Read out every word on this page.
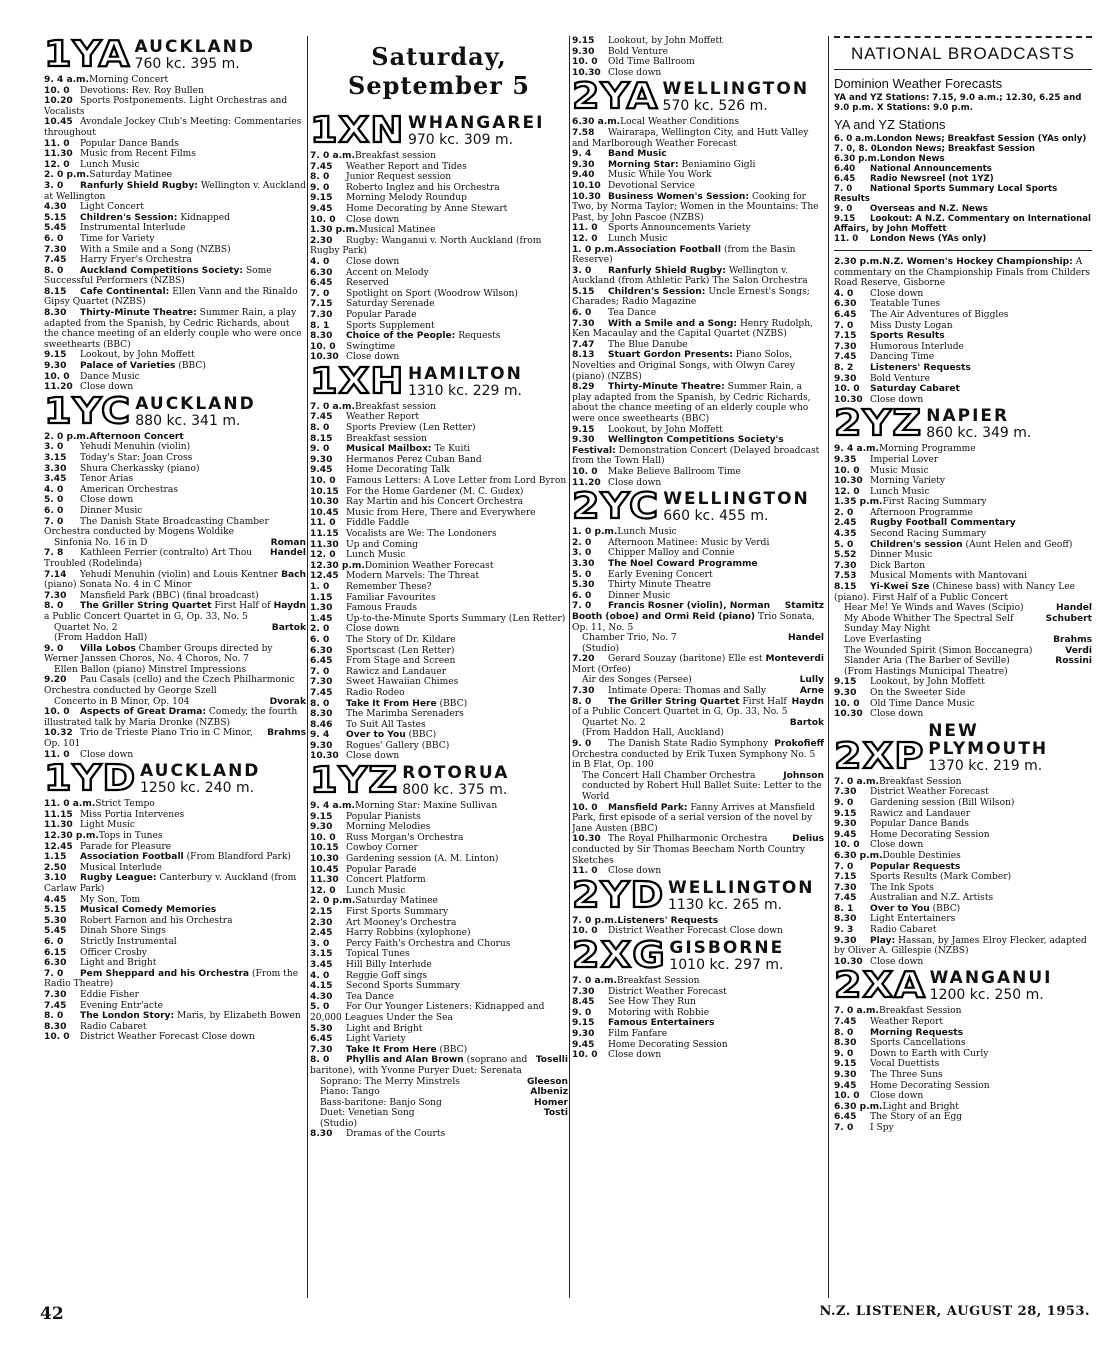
1YA AUCKLAND
760 kc. 395 m.
9. 4 a.m.Morning Concert
10. 0 Devotions: Rev. Roy Bullen
10.20 Sports Postponements. Light Orchestras and Vocalists
10.45 Avondale Jockey Club's Meeting: Commentaries throughout
11. 0 Popular Dance Bands
11.30 Music from Recent Films
12. 0 Lunch Music
2. 0 p.m.Saturday Matinee
3. 0 Ranfurly Shield Rugby: Wellington v. Auckland at Wellington
4.30 Light Concert
5.15 Children's Session: Kidnapped
5.45 Instrumental Interlude
6. 0 Time for Variety
7.30 With a Smile and a Song (NZBS)
7.45 Harry Fryer's Orchestra
8. 0 Auckland Competitions Society: Some Successful Performers (NZBS)
8.15 Cafe Continental: Ellen Vann and the Rinaldo Gipsy Quartet (NZBS)
8.30 Thirty-Minute Theatre: Summer Rain, a play adapted from the Spanish, by Cedric Richards, about the chance meeting of an elderly couple who were once sweethearts (BBC)
9.15 Lookout, by John Moffett
9.30 Palace of Varieties (BBC)
10. 0 Dance Music
11.20 Close down
1YC AUCKLAND
880 kc. 341 m.
2. 0 p.m.Afternoon Concert
3. 0 Yehudi Menuhin (violin)
3.15 Today's Star: Joan Cross
3.30 Shura Cherkassky (piano)
3.45 Tenor Arias
4. 0 American Orchestras
5. 0 Close down
6. 0 Dinner Music
7. 0 The Danish State Broadcasting Chamber Orchestra conducted by Mogens Woldike
Roman
Sinfonia No. 16 in D
Handel
7. 8 Kathleen Ferrier (contralto) Art Thou Troubled (Rodelinda)
Bach
7.14 Yehudi Menuhin (violin) and Louis Kentner (piano) Sonata No. 4 in C Minor
7.30 Mansfield Park (BBC) (final broadcast)
Haydn
8. 0 The Griller String Quartet First Half of a Public Concert Quartet in G, Op. 33, No. 5
Bartok
Quartet No. 2
(From Haddon Hall)
9. 0 Villa Lobos Chamber Groups directed by Werner Janssen Choros, No. 4 Choros, No. 7
Ellen Ballon (piano) Minstrel Impressions
9.20 Pau Casals (cello) and the Czech Philharmonic Orchestra conducted by George Szell
Dvorak
Concerto in B Minor, Op. 104
10. 0 Aspects of Great Drama: Comedy, the fourth illustrated talk by Maria Dronke (NZBS)
Brahms
10.32 Trio de Trieste Piano Trio in C Minor, Op. 101
11. 0 Close down
1YD AUCKLAND
1250 kc. 240 m.
11. 0 a.m.Strict Tempo
11.15 Miss Portia Intervenes
11.30 Light Music
12.30 p.m.Tops in Tunes
12.45 Parade for Pleasure
1.15 Association Football (From Blandford Park)
2.50 Musical Interlude
3.10 Rugby League: Canterbury v. Auckland (from Carlaw Park)
4.45 My Son, Tom
5.15 Musical Comedy Memories
5.30 Robert Farnon and his Orchestra
5.45 Dinah Shore Sings
6. 0 Strictly Instrumental
6.15 Officer Crosby
6.30 Light and Bright
7. 0 Pem Sheppard and his Orchestra (From the Radio Theatre)
7.30 Eddie Fisher
7.45 Evening Entr'acte
8. 0 The London Story: Maris, by Elizabeth Bowen
8.30 Radio Cabaret
10. 0 District Weather Forecast Close down
Saturday, September 5
1XN WHANGAREI
970 kc. 309 m.
7. 0 a.m.Breakfast session
7.45 Weather Report and Tides
8. 0 Junior Request session
9. 0 Roberto Inglez and his Orchestra
9.15 Morning Melody Roundup
9.45 Home Decorating by Anne Stewart
10. 0 Close down
1.30 p.m.Musical Matinee
2.30 Rugby: Wanganui v. North Auckland (from Rugby Park)
4. 0 Close down
6.30 Accent on Melody
6.45 Reserved
7. 0 Spotlight on Sport (Woodrow Wilson)
7.15 Saturday Serenade
7.30 Popular Parade
8. 1 Sports Supplement
8.30 Choice of the People: Requests
10. 0 Swingtime
10.30 Close down
1XH HAMILTON
1310 kc. 229 m.
7. 0 a.m.Breakfast session
7.45 Weather Report
8. 0 Sports Preview (Len Retter)
8.15 Breakfast session
9. 0 Musical Mailbox: Te Kuiti
9.30 Hermanos Perez Cuban Band
9.45 Home Decorating Talk
10. 0 Famous Letters: A Love Letter from Lord Byron
10.15 For the Home Gardener (M. C. Gudex)
10.30 Ray Martin and his Concert Orchestra
10.45 Music from Here, There and Everywhere
11. 0 Fiddle Faddle
11.15 Vocalists are We: The Londoners
11.30 Up and Coming
12. 0 Lunch Music
12.30 p.m.Dominion Weather Forecast
12.45 Modern Marvels: The Threat
1. 0 Remember These?
1.15 Familiar Favourites
1.30 Famous Frauds
1.45 Up-to-the-Minute Sports Summary (Len Retter)
2. 0 Close down
6. 0 The Story of Dr. Kildare
6.30 Sportscast (Len Retter)
6.45 From Stage and Screen
7. 0 Rawicz and Landauer
7.30 Sweet Hawaiian Chimes
7.45 Radio Rodeo
8. 0 Take It From Here (BBC)
8.30 The Marimba Serenaders
8.46 To Suit All Tastes
9. 4 Over to You (BBC)
9.30 Rogues' Gallery (BBC)
10.30 Close down
1YZ ROTORUA
800 kc. 375 m.
9. 4 a.m.Morning Star: Maxine Sullivan
9.15 Popular Pianists
9.30 Morning Melodies
10. 0 Russ Morgan's Orchestra
10.15 Cowboy Corner
10.30 Gardening session (A. M. Linton)
10.45 Popular Parade
11.30 Concert Platform
12. 0 Lunch Music
2. 0 p.m.Saturday Matinee
2.15 First Sports Summary
2.30 Art Mooney's Orchestra
2.45 Harry Robbins (xylophone)
3. 0 Percy Faith's Orchestra and Chorus
3.15 Topical Tunes
3.45 Hill Billy Interlude
4. 0 Reggie Goff sings
4.15 Second Sports Summary
4.30 Tea Dance
5. 0 For Our Younger Listeners: Kidnapped and 20,000 Leagues Under the Sea
5.30 Light and Bright
6.45 Light Variety
7.30 Take It From Here (BBC)
Toselli
8. 0 Phyllis and Alan Brown (soprano and baritone), with Yvonne Puryer Duet: Serenata
Gleeson
Soprano: The Merry Minstrels
Albeniz
Piano: Tango
Homer
Bass-baritone: Banjo Song
Tosti
Duet: Venetian Song
(Studio)
8.30 Dramas of the Courts
9.15 Lookout, by John Moffett
9.30 Bold Venture
10. 0 Old Time Ballroom
10.30 Close down
2YA WELLINGTON
570 kc. 526 m.
6.30 a.m.Local Weather Conditions
7.58 Wairarapa, Wellington City, and Hutt Valley and Marlborough Weather Forecast
9. 4 Band Music
9.30 Morning Star: Beniamino Gigli
9.40 Music While You Work
10.10 Devotional Service
10.30 Business Women's Session: Cooking for Two, by Norma Taylor; Women in the Mountains: The Past, by John Pascoe (NZBS)
11. 0 Sports Announcements Variety
12. 0 Lunch Music
1. 0 p.m.Association Football (from the Basin Reserve)
3. 0 Ranfurly Shield Rugby: Wellington v. Auckland (from Athletic Park) The Salon Orchestra
5.15 Children's Session: Uncle Ernest's Songs; Charades; Radio Magazine
6. 0 Tea Dance
7.30 With a Smile and a Song: Henry Rudolph, Ken Macaulay and the Capital Quartet (NZBS)
7.47 The Blue Danube
8.13 Stuart Gordon Presents: Piano Solos, Novelties and Original Songs, with Olwyn Carey (piano) (NZBS)
8.29 Thirty-Minute Theatre: Summer Rain, a play adapted from the Spanish, by Cedric Richards, about the chance meeting of an elderly couple who were once sweethearts (BBC)
9.15 Lookout, by John Moffett
9.30 Wellington Competitions Society's Festival: Demonstration Concert (Delayed broadcast from the Town Hall)
10. 0 Make Believe Ballroom Time
11.20 Close down
2YC WELLINGTON
660 kc. 455 m.
1. 0 p.m.Lunch Music
2. 0 Afternoon Matinee: Music by Verdi
3. 0 Chipper Malloy and Connie
3.30 The Noel Coward Programme
5. 0 Early Evening Concert
5.30 Thirty Minute Theatre
6. 0 Dinner Music
Stamitz
7. 0 Francis Rosner (violin), Norman Booth (oboe) and Ormi Reid (piano) Trio Sonata, Op. 11, No. 5
Handel
Chamber Trio, No. 7
(Studio)
Monteverdi
7.20 Gerard Souzay (baritone) Elle est Mort (Orfeo)
Lully
Air des Songes (Persee)
Arne
7.30 Intimate Opera: Thomas and Sally
Haydn
8. 0 The Griller String Quartet First Half of a Public Concert Quartet in G, Op. 33, No. 5
Bartok
Quartet No. 2
(From Haddon Hall, Auckland)
Prokofieff
9. 0 The Danish State Radio Symphony Orchestra conducted by Erik Tuxen Symphony No. 5 in B Flat, Op. 100
Johnson
The Concert Hall Chamber Orchestra conducted by Robert Hull Ballet Suite: Letter to the World
10. 0 Mansfield Park: Fanny Arrives at Mansfield Park, first episode of a serial version of the novel by Jane Austen (BBC)
Delius
10.30 The Royal Philharmonic Orchestra conducted by Sir Thomas Beecham North Country Sketches
11. 0 Close down
2YD WELLINGTON
1130 kc. 265 m.
7. 0 p.m.Listeners' Requests
10. 0 District Weather Forecast Close down
2XG GISBORNE
1010 kc. 297 m.
7. 0 a.m.Breakfast Session
7.30 District Weather Forecast
8.45 See How They Run
9. 0 Motoring with Robbie
9.15 Famous Entertainers
9.30 Film Fanfare
9.45 Home Decorating Session
10. 0 Close down
NATIONAL BROADCASTS
Dominion Weather Forecasts
YA and YZ Stations: 7.15, 9.0 a.m.; 12.30, 6.25 and 9.0 p.m. X Stations: 9.0 p.m.
YA and YZ Stations
6. 0 a.m.London News; Breakfast Session (YAs only)
7. 0, 8. 0London News; Breakfast Session
6.30 p.m.London News
6.40 National Announcements
6.45 Radio Newsreel (not 1YZ)
7. 0 National Sports Summary Local Sports Results
9. 0 Overseas and N.Z. News
9.15 Lookout: A N.Z. Commentary on International Affairs, by John Moffett
11. 0 London News (YAs only)
2.30 p.m.N.Z. Women's Hockey Championship: A commentary on the Championship Finals from Childers Road Reserve, Gisborne
4. 0 Close down
6.30 Teatable Tunes
6.45 The Air Adventures of Biggles
7. 0 Miss Dusty Logan
7.15 Sports Results
7.30 Humorous Interlude
7.45 Dancing Time
8. 2 Listeners' Requests
9.30 Bold Venture
10. 0 Saturday Cabaret
10.30 Close down
2YZ NAPIER
860 kc. 349 m.
9. 4 a.m.Morning Programme
9.35 Imperial Lover
10. 0 Music Music
10.30 Morning Variety
12. 0 Lunch Music
1.35 p.m.First Racing Summary
2. 0 Afternoon Programme
2.45 Rugby Football Commentary
4.35 Second Racing Summary
5. 0 Children's session (Aunt Helen and Geoff)
5.52 Dinner Music
7.30 Dick Barton
7.53 Musical Moments with Mantovani
8.15 Yi-Kwei Sze (Chinese bass) with Nancy Lee (piano). First Half of a Public Concert
Handel
Hear Me! Ye Winds and Waves (Scipio)
Schubert
My Abode Whither The Spectral Self Sunday May Night
Brahms
Love Everlasting
Verdi
The Wounded Spirit (Simon Boccanegra)
Rossini
Slander Aria (The Barber of Seville)
(From Hastings Municipal Theatre)
9.15 Lookout, by John Moffett
9.30 On the Sweeter Side
10. 0 Old Time Dance Music
10.30 Close down
2XP
NEW PLYMOUTH
1370 kc. 219 m.
7. 0 a.m.Breakfast Session
7.30 District Weather Forecast
9. 0 Gardening session (Bill Wilson)
9.15 Rawicz and Landauer
9.30 Popular Dance Bands
9.45 Home Decorating Session
10. 0 Close down
6.30 p.m.Double Destinies
7. 0 Popular Requests
7.15 Sports Results (Mark Comber)
7.30 The Ink Spots
7.45 Australian and N.Z. Artists
8. 1 Over to You (BBC)
8.30 Light Entertainers
9. 3 Radio Cabaret
9.30 Play: Hassan, by James Elroy Flecker, adapted by Oliver A. Gillespie (NZBS)
10.30 Close down
2XA WANGANUI
1200 kc. 250 m.
7. 0 a.m.Breakfast Session
7.45 Weather Report
8. 0 Morning Requests
8.30 Sports Cancellations
9. 0 Down to Earth with Curly
9.15 Vocal Duettists
9.30 The Three Suns
9.45 Home Decorating Session
10. 0 Close down
6.30 p.m.Light and Bright
6.45 The Story of an Egg
7. 0 I Spy
42	N.Z. LISTENER, AUGUST 28, 1953.
